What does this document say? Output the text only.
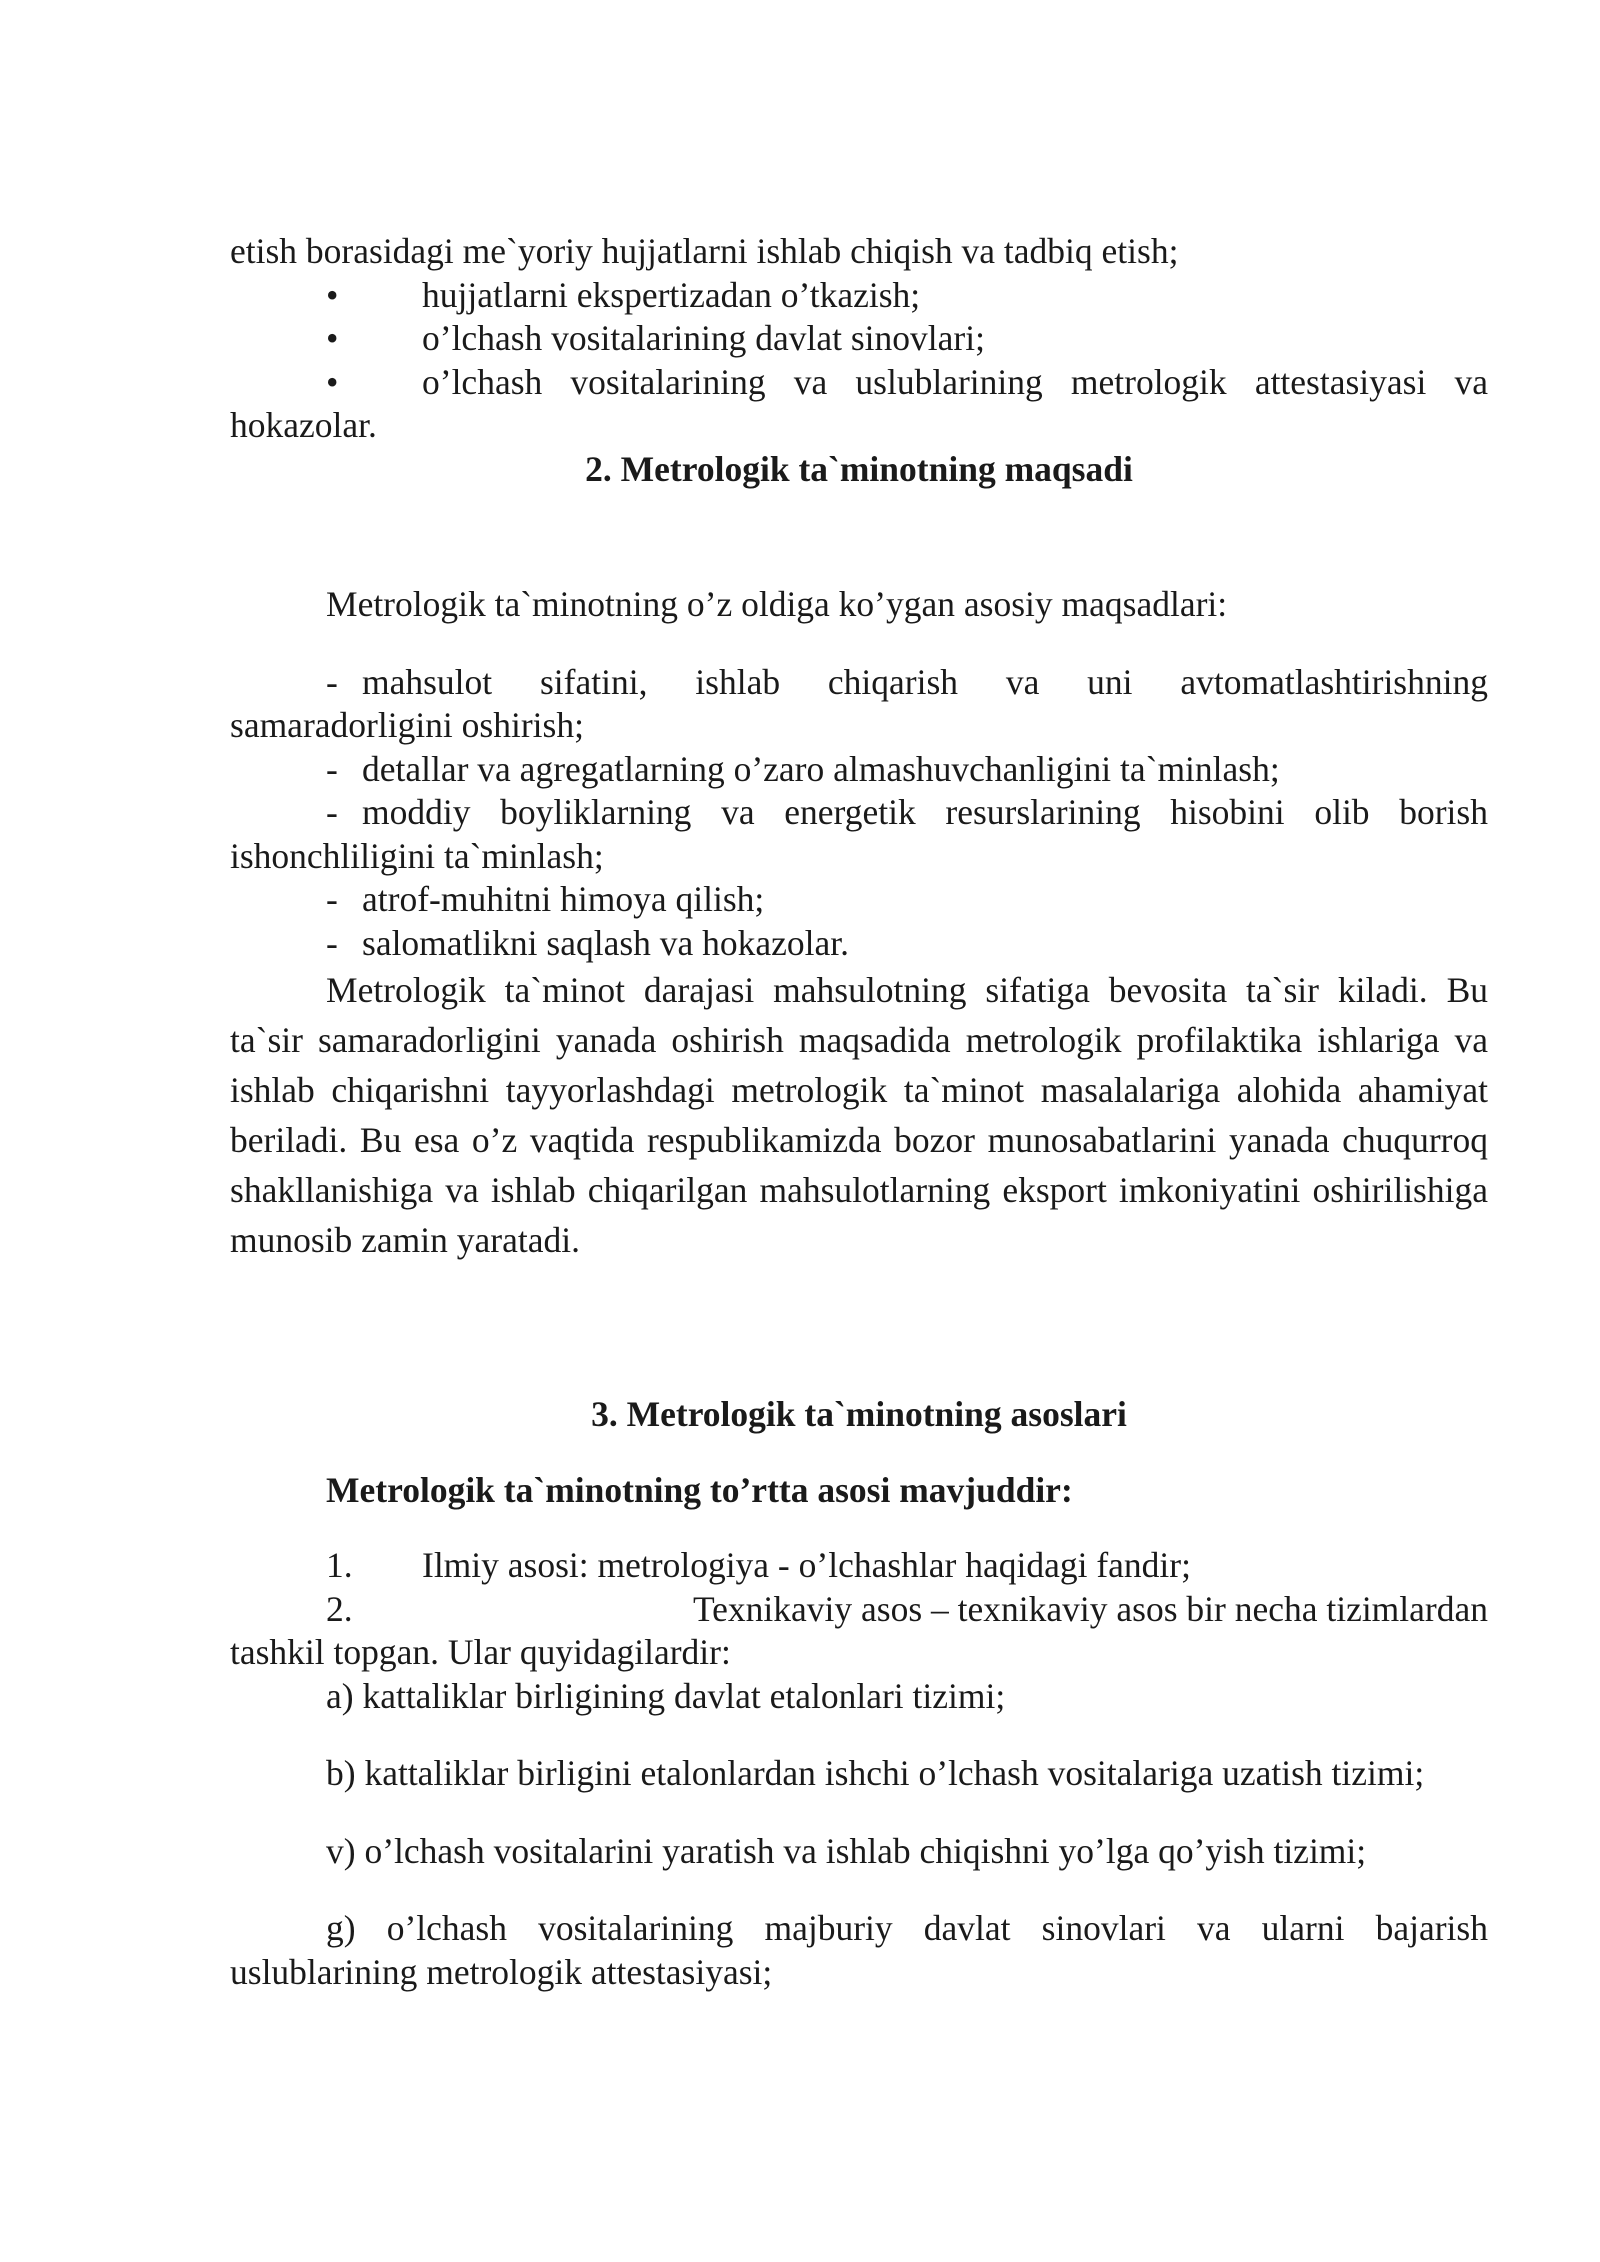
etish borasidagi me`yoriy hujjatlarni ishlab chiqish va tadbiq etish;

•	hujjatlarni ekspertizadan o’tkazish;
•	o’lchash vositalarining davlat sinovlari;
•	o’lchash vositalarining va uslublarining metrologik attestasiyasi va

hokazolar.

2. Metrologik ta`minotning maqsadi

Metrologik ta`minotning o’z oldiga ko’ygan asosiy maqsadlari:

- mahsulot sifatini, ishlab chiqarish va uni avtomatlashtirishning

samaradorligini oshirish;

- detallar va agregatlarning o’zaro almashuvchanligini ta`minlash;
- moddiy boyliklarning va energetik resurslarining hisobini olib borish

ishonchliligini ta`minlash;

- atrof-muhitni himoya qilish;
- salomatlikni saqlash va hokazolar.

Metrologik ta`minot darajasi mahsulotning sifatiga bevosita ta`sir kiladi. Bu ta`sir samaradorligini yanada oshirish maqsadida metrologik profilaktika ishlariga va ishlab chiqarishni tayyorlashdagi metrologik ta`minot masalalariga alohida ahamiyat beriladi. Bu esa o’z vaqtida respublikamizda bozor munosabatlarini yanada chuqurroq shakllanishiga va ishlab chiqarilgan mahsulotlarning eksport imkoniyatini oshirilishiga munosib zamin yaratadi.

3. Metrologik ta`minotning asoslari

Metrologik ta`minotning to’rtta asosi mavjuddir:

1.	Ilmiy asosi: metrologiya - o’lchashlar haqidagi fandir;
2.	Texnikaviy asos – texnikaviy asos bir necha tizimlardan

tashkil topgan. Ular quyidagilardir:

a) kattaliklar birligining davlat etalonlari tizimi;

b) kattaliklar birligini etalonlardan ishchi o’lchash vositalariga uzatish tizimi;

v) o’lchash vositalarini yaratish va ishlab chiqishni yo’lga qo’yish tizimi;

g) o’lchash vositalarining majburiy davlat sinovlari va ularni bajarish uslublarining metrologik attestasiyasi;
